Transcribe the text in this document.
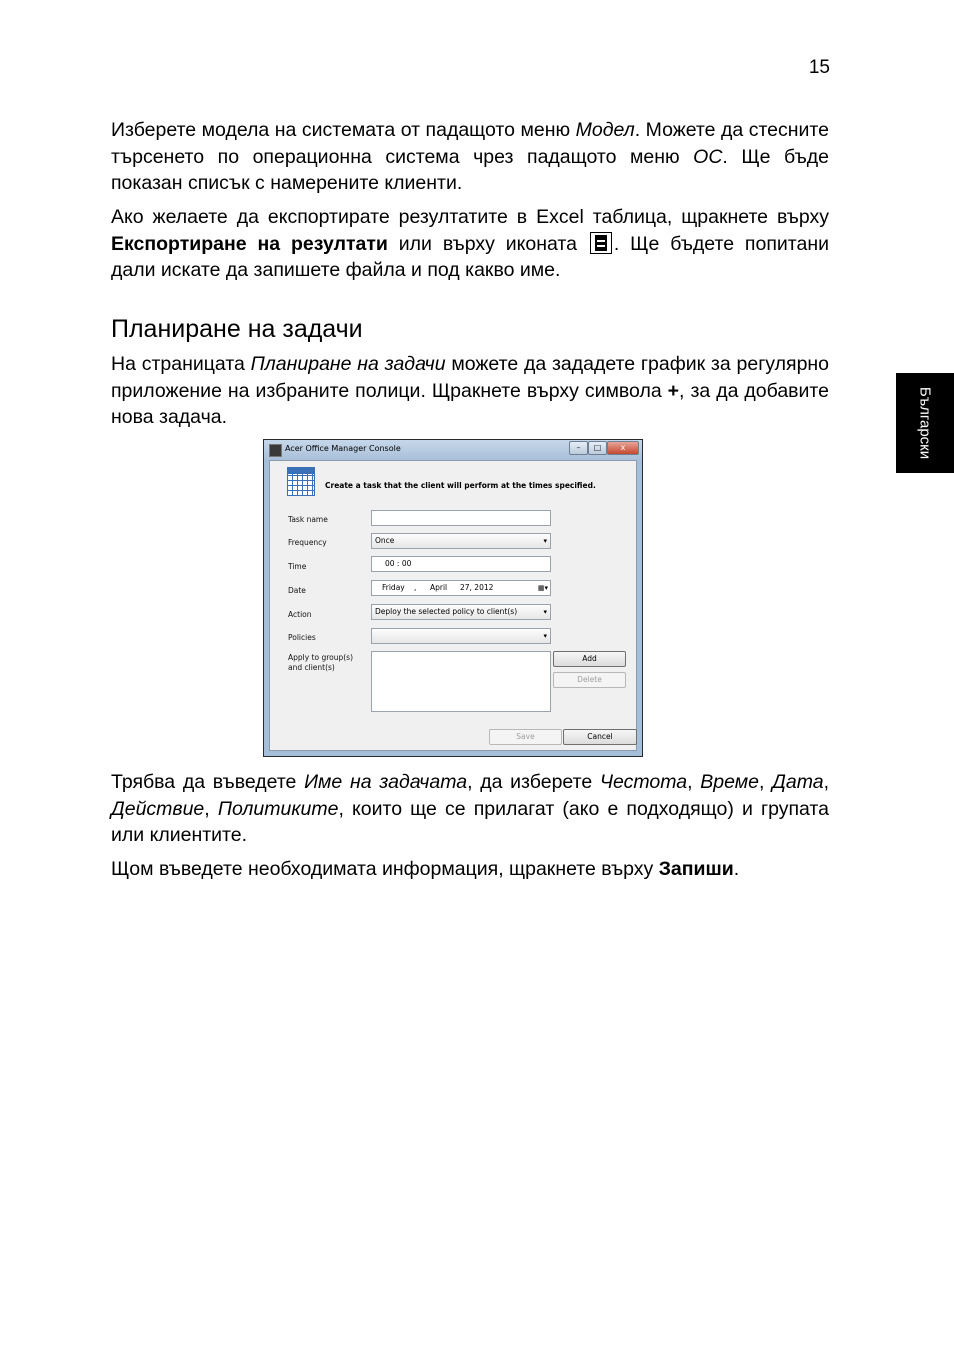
15
Български

Изберете модела на системата от падащото меню Модел. Можете да стесните търсенето по операционна система чрез падащото меню ОС. Ще бъде показан списък с намерените клиенти.

Ако желаете да експортирате резултатите в Excel таблица, щракнете върху Експортиране на резултати или върху иконата . Ще бъдете попитани дали искате да запишете файла и под какво име.

Планиране на задачи

На страницата Планиране на задачи можете да зададете график за регулярно приложение на избраните полици. Щракнете върху символа +, за да добавите нова задача.

Acer Office Manager Console	–	□	x
Create a task that the client will perform at the times specified.
Task name
Frequency	Once	▾
Time	00 : 00
Date	Friday , April 27, 2012	▦▾
Action	Deploy the selected policy to client(s)	▾
Policies	▾
Apply to group(s)
and client(s)
Add
Delete
Save	Cancel

Трябва да въведете Име на задачата, да изберете Честота, Време, Дата, Действие, Политиките, които ще се прилагат (ако е подходящо) и групата или клиентите.

Щом въведете необходимата информация, щракнете върху Запиши.
